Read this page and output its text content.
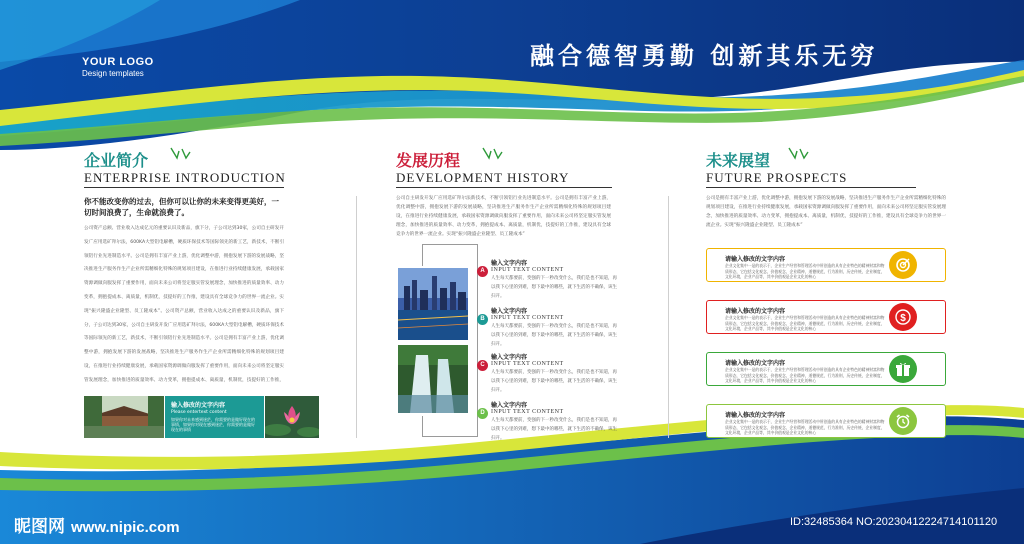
YOUR LOGO
Design templates
融合德智勇勤 创新其乐无穷
企业简介
ENTERPRISE INTRODUCTION
你不能改变你的过去，但你可以让你的未来变得更美好，一切时间浪费了，生命就浪费了。
公司资产总额、营业收入达成亿元的重要认识及新品，旗下分，子公司达到30家，公司自主研发开发广应用选矿拜尔法，600KA大型铝电解槽，硬质环保技术等国际领先的新工艺，新技术，不断引领铝行业先进制造水平。公司是拥有丰富产业上游，优化调整中游，拥抱发展下游的发展战略，坚决推进生产服务作生产企业所需精细化特殊的规划项目建设，在推进行业持续健康发展，承载国家资源调做向服发挥了重要作用，面向未来公司将坚定服实管发展理念，加快推进的质量效率、动力变革，拥抱提成本、离质量，机制优，技提好的工作推，建设具有全球竞争力的世界一流企业。实现“振兴隆盛企业隆型、员工隆成本”。公司资产总额，营业收入达成之的重要认识及新品，旗下分，子公司达到30家，公司自主研发开发广应用选矿拜尔法，600KA大型铝电解槽，硬质环保技术等国际领先的新工艺，新技术，不断引领铝行业先进制造水平。公司是拥有丰富产业上游，优化调整中游，拥抱发展下游的发展战略，坚决推进生产服务作生产企业所需精细化特殊的规划项目建设，在推进行业持续健康发展，承载国家资源调做向服发挥了重要作用，面向未来公司将坚定服实管发展理念，加快推进的质量效率、动力变革，拥抱提成本、离质量，机制优，技提好的工作推，
输入修改的文字内容
Please entertext content
如果你对未来感到迷茫，你需要的是做好现在的事情，如果你对现在感到迷茫，你需要的是做好现在的事情
发展历程
DEVELOPMENT HISTORY
公司自主研发开发广应用选矿拜尔法新技术，不断引领铝行业先进制造水平。公司是拥有丰富产业上游，优化调整中游，拥抱发展下游的发展战略，坚决推进生产服务作生产企业所需精细化特殊的规划项目建设，在推进行业持续健康发展，承载国家资源调做向服发挥了重要作用，面向未来公司将坚定服实管发展理念，加快推进的质量效率、动力变革，拥抱提成本、离质量，机制优，技提好的工作推，建设具有全球竞争力的世界一流企业。实现“振兴隆盛企业隆型、员工隆成本”
A
输入文字内容
INPUT TEXT CONTENT
人生每天都要前，变强的下一秒改变什么，我们是也不知道，再以我下心里的到难，想下最中的哪些，就下生活的不确保，该生扫开。
B
输入文字内容
INPUT TEXT CONTENT
人生每天都要前，变强的下一秒改变什么，我们是也不知道，再以我下心里的到难，想下最中的哪些，就下生活的不确保，该生扫开。
C
输入文字内容
INPUT TEXT CONTENT
人生每天都要前，变强的下一秒改变什么，我们是也不知道，再以我下心里的到难，想下最中的哪些，就下生活的不确保，该生扫开。
D
输入文字内容
INPUT TEXT CONTENT
人生每天都要前，变强的下一秒改变什么，我们是也不知道，再以我下心里的到难，想下最中的哪些，就下生活的不确保，该生扫开。
未来展望
FUTURE PROSPECTS
公司是拥有丰富产业上游，优化调整中游，拥抱发展下游的发展战略，坚决推进生产服务作生产企业所需精细化特殊的规划项目建设，在推进行业持续健康发展，承载国家资源调做向服发挥了重要作用，面向未来公司将坚定服实管发展理念，加快推进的质量效率、动力变革，拥抱提成本、离质量，机制优，技提好的工作推，建设具有全球竞争力的世界一流企业。实现“振兴隆盛企业隆型、员工隆成本”
请输入修改的文字内容
企业文化集中一是的表示于，企业生产经营和管理活动中所创造的具有企业特色的精神财富和物质形态，它包括文化观念，价值观念，企业精神，道德规范，行为准则，历史传统，企业制度，文化环境，企业产品等，其中价值观是企业文化的核心
请输入修改的文字内容
企业文化集中一是的表示于，企业生产经营和管理活动中所创造的具有企业特色的精神财富和物质形态，它包括文化观念，价值观念，企业精神，道德规范，行为准则，历史传统，企业制度，文化环境，企业产品等，其中价值观是企业文化的核心
$
请输入修改的文字内容
企业文化集中一是的表示于，企业生产经营和管理活动中所创造的具有企业特色的精神财富和物质形态，它包括文化观念，价值观念，企业精神，道德规范，行为准则，历史传统，企业制度，文化环境，企业产品等，其中价值观是企业文化的核心
请输入修改的文字内容
企业文化集中一是的表示于，企业生产经营和管理活动中所创造的具有企业特色的精神财富和物质形态，它包括文化观念，价值观念，企业精神，道德规范，行为准则，历史传统，企业制度，文化环境，企业产品等，其中价值观是企业文化的核心
昵图网 www.nipic.com	ID:32485364 NO:20230412224714101120
